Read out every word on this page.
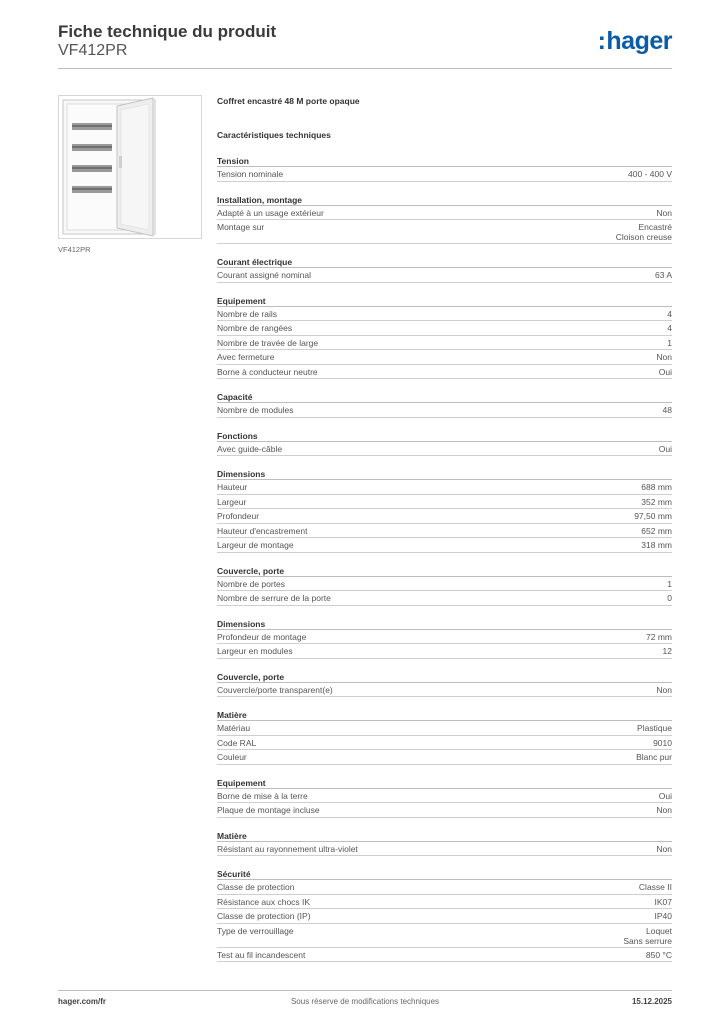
Fiche technique du produit
VF412PR	:hager
VF412PR
Coffret encastré 48 M porte opaque
Caractéristiques techniques
Tension
Tension nominale	400 - 400 V
Installation, montage
Adapté à un usage extérieur	Non
Montage sur	Encastré
Cloison creuse
Courant électrique
Courant assigné nominal	63 A
Equipement
Nombre de rails	4
Nombre de rangées	4
Nombre de travée de large	1
Avec fermeture	Non
Borne à conducteur neutre	Oui
Capacité
Nombre de modules	48
Fonctions
Avec guide-câble	Oui
Dimensions
Hauteur	688 mm
Largeur	352 mm
Profondeur	97,50 mm
Hauteur d'encastrement	652 mm
Largeur de montage	318 mm
Couvercle, porte
Nombre de portes	1
Nombre de serrure de la porte	0
Dimensions
Profondeur de montage	72 mm
Largeur en modules	12
Couvercle, porte
Couvercle/porte transparent(e)	Non
Matière
Matériau	Plastique
Code RAL	9010
Couleur	Blanc pur
Equipement
Borne de mise à la terre	Oui
Plaque de montage incluse	Non
Matière
Résistant au rayonnement ultra-violet	Non
Sécurité
Classe de protection	Classe II
Résistance aux chocs IK	IK07
Classe de protection (IP)	IP40
Type de verrouillage	Loquet
Sans serrure
Test au fil incandescent	850 °C
hager.com/fr	Sous réserve de modifications techniques	15.12.2025
